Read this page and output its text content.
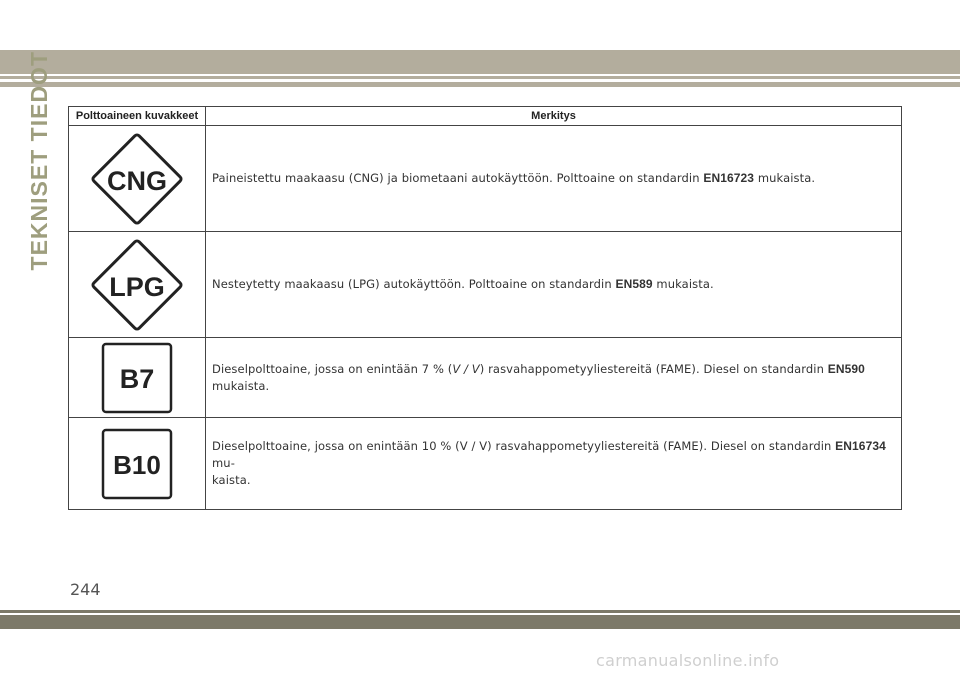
TEKNISET TIEDOT Polttoaineen kuvakkeet	Merkitys

CNG	Paineistettu maakaasu (CNG) ja biometaani autokäyttöön. Polttoaine on standardin EN16723 mukaista.

LPG	Nesteytetty maakaasu (LPG) autokäyttöön. Polttoaine on standardin EN589 mukaista.

B7	Dieselpolttoaine, jossa on enintään 7 % (V / V) rasvahappometyyliestereitä (FAME). Diesel on standardin EN590 mukaista.

B10	Dieselpolttoaine, jossa on enintään 10 % (V / V) rasvahappometyyliestereitä (FAME). Diesel on standardin EN16734 mu-
kaista.
244
carmanualsonline.info
